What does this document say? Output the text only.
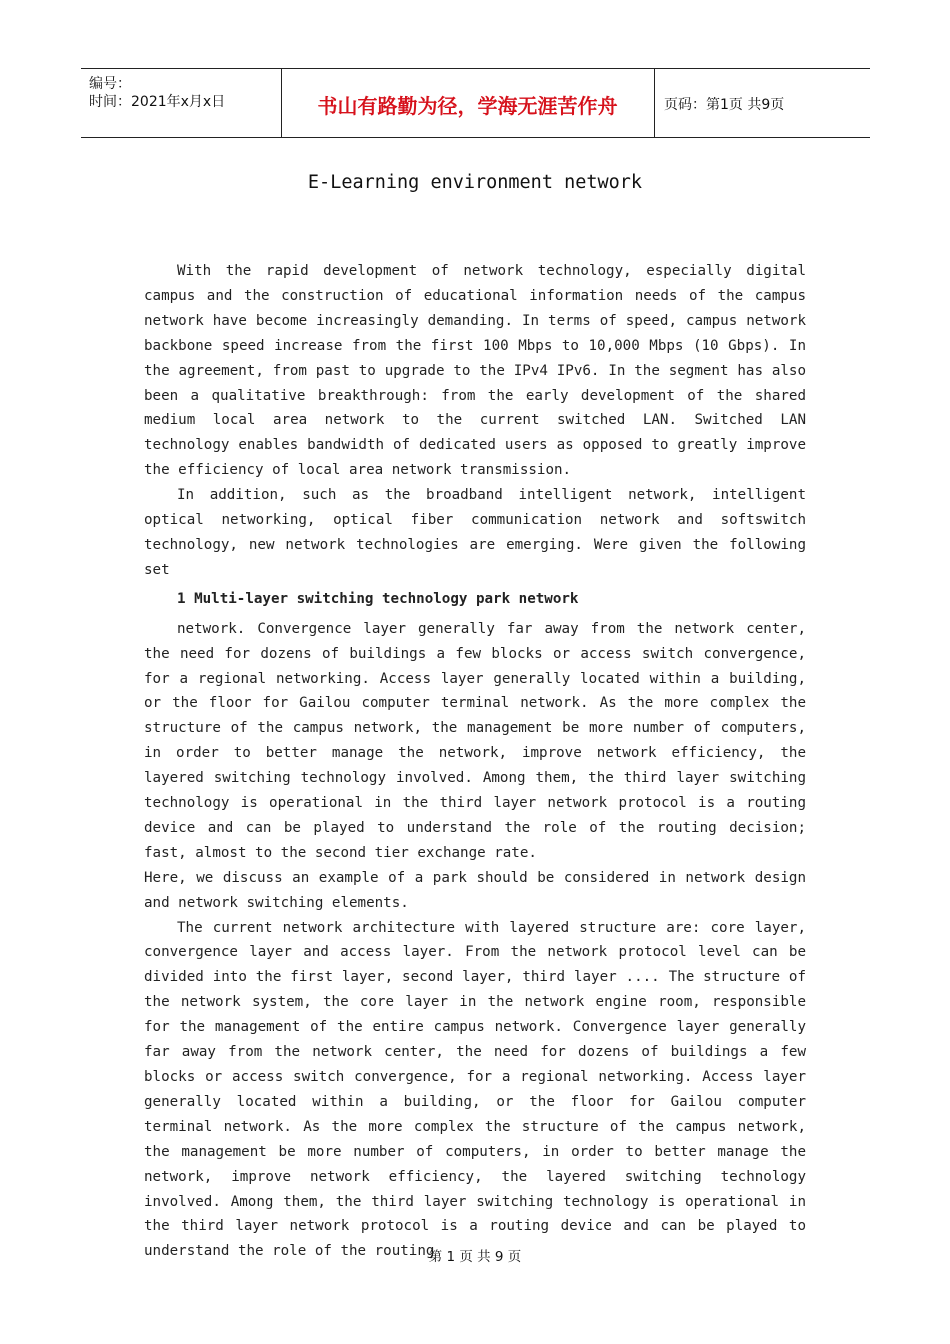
编号：
时间：2021年x月x日	书山有路勤为径，学海无涯苦作舟	页码：第1页 共9页
E-Learning environment network

With the rapid development of network technology, especially digital campus and the construction of educational information needs of the campus network have become increasingly demanding. In terms of speed, campus network backbone speed increase from the first 100 Mbps to 10,000 Mbps (10 Gbps). In the agreement, from past to upgrade to the IPv4 IPv6. In the segment has also been a qualitative breakthrough: from the early development of the shared medium local area network to the current switched LAN. Switched LAN technology enables bandwidth of dedicated users as opposed to greatly improve the efficiency of local area network transmission.

In addition, such as the broadband intelligent network, intelligent optical networking, optical fiber communication network and softswitch technology, new network technologies are emerging. Were given the following set

1 Multi-layer switching technology park network

network. Convergence layer generally far away from the network center, the need for dozens of buildings a few blocks or access switch convergence, for a regional networking. Access layer generally located within a building, or the floor for Gailou computer terminal network. As the more complex the structure of the campus network, the management be more number of computers, in order to better manage the network, improve network efficiency, the layered switching technology involved. Among them, the third layer switching technology is operational in the third layer network protocol is a routing device and can be played to understand the role of the routing decision; fast, almost to the second tier exchange rate.

Here, we discuss an example of a park should be considered in network design and network switching elements.

The current network architecture with layered structure are: core layer, convergence layer and access layer. From the network protocol level can be divided into the first layer, second layer, third layer .... The structure of the network system, the core layer in the network engine room, responsible for the management of the entire campus network. Convergence layer generally far away from the network center, the need for dozens of buildings a few blocks or access switch convergence, for a regional networking. Access layer generally located within a building, or the floor for Gailou computer terminal network. As the more complex the structure of the campus network, the management be more number of computers, in order to better manage the network, improve network efficiency, the layered switching technology involved. Among them, the third layer switching technology is operational in the third layer network protocol is a routing device and can be played to understand the role of the routing

第 1 页 共 9 页
